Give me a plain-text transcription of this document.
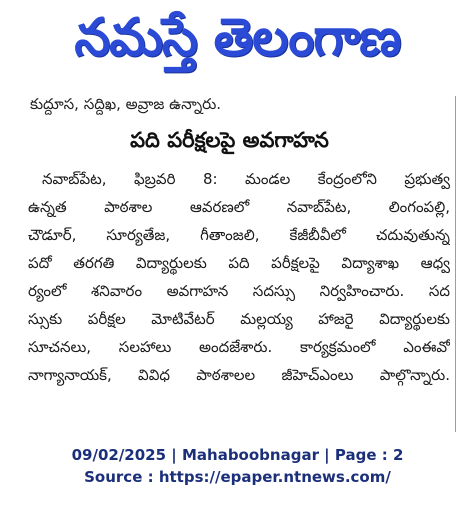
నమస్తే తెలంగాణ
కుద్దూస, సద్దిఖ, అవ్రాజ ఉన్నారు.
పది పరీక్షలపై అవగాహన
నవాబ్‌పేట, ఫిబ్రవరి 8: మండల కేంద్రంలోని ప్రభుత్వ
ఉన్నత పాఠశాల ఆవరణలో నవాబ్‌పేట, లింగంపల్లి,
చౌడూర్, సూర్యతేజ, గీతాంజలి, కేజీబీవీలో చదువుతున్న
పదో తరగతి విద్యార్థులకు పది పరీక్షలపై విద్యాశాఖ ఆధ్వ
ర్యంలో శనివారం అవగాహన సదస్సు నిర్వహించారు. సద
స్సుకు పరీక్షల మోటివేటర్ మల్లయ్య హాజరై విద్యార్థులకు
సూచనలు, సలహాలు అందజేశారు. కార్యక్రమంలో ఎంఈవో
నాగ్యానాయక్, వివిధ పాఠశాలల జీహెచ్‌ఎంలు పాల్గొన్నారు.
09/02/2025 | Mahaboobnagar | Page : 2
Source : https://epaper.ntnews.com/
